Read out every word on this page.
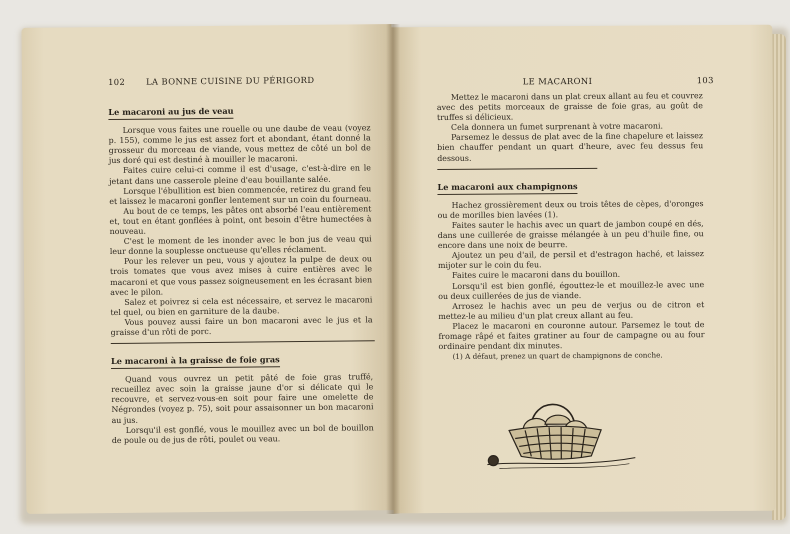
102 LA BONNE CUISINE DU PÉRIGORD
Le macaroni au jus de veau

Lorsque vous faites une rouelle ou une daube de veau (voyez p. 155), comme le jus est assez fort et abondant, étant donné la grosseur du morceau de viande, vous mettez de côté un bol de jus doré qui est destiné à mouiller le macaroni.

Faites cuire celui-ci comme il est d'usage, c'est-à-dire en le jetant dans une casserole pleine d'eau bouillante salée.

Lorsque l'ébullition est bien commencée, retirez du grand feu et laissez le macaroni gonfler lentement sur un coin du fourneau.

Au bout de ce temps, les pâtes ont absorbé l'eau entièrement et, tout en étant gonflées à point, ont besoin d'être humectées à nouveau.

C'est le moment de les inonder avec le bon jus de veau qui leur donne la souplesse onctueuse qu'elles réclament.

Pour les relever un peu, vous y ajoutez la pulpe de deux ou trois tomates que vous avez mises à cuire entières avec le macaroni et que vous passez soigneusement en les écrasant bien avec le pilon.

Salez et poivrez si cela est nécessaire, et servez le macaroni tel quel, ou bien en garniture de la daube.

Vous pouvez aussi faire un bon macaroni avec le jus et la graisse d'un rôti de porc.

Le macaroni à la graisse de foie gras

Quand vous ouvrez un petit pâté de foie gras truffé, recueillez avec soin la graisse jaune d'or si délicate qui le recouvre, et servez-vous-en soit pour faire une omelette de Négrondes (voyez p. 75), soit pour assaisonner un bon macaroni au jus.

Lorsqu'il est gonflé, vous le mouillez avec un bol de bouillon de poule ou de jus de rôti, poulet ou veau.

LE MACARONI	103

Mettez le macaroni dans un plat creux allant au feu et couvrez avec des petits morceaux de graisse de foie gras, au goût de truffes si délicieux.

Cela donnera un fumet surprenant à votre macaroni.

Parsemez le dessus de plat avec de la fine chapelure et laissez bien chauffer pendant un quart d'heure, avec feu dessus feu dessous.

Le macaroni aux champignons

Hachez grossièrement deux ou trois têtes de cèpes, d'oronges ou de morilles bien lavées (1).

Faites sauter le hachis avec un quart de jambon coupé en dés, dans une cuillerée de graisse mélangée à un peu d'huile fine, ou encore dans une noix de beurre.

Ajoutez un peu d'ail, de persil et d'estragon haché, et laissez mijoter sur le coin du feu.

Faites cuire le macaroni dans du bouillon.

Lorsqu'il est bien gonflé, égouttez-le et mouillez-le avec une ou deux cuillerées de jus de viande.

Arrosez le hachis avec un peu de verjus ou de citron et mettez-le au milieu d'un plat creux allant au feu.

Placez le macaroni en couronne autour. Parsemez le tout de fromage râpé et faites gratiner au four de campagne ou au four ordinaire pendant dix minutes.

(1) A défaut, prenez un quart de champignons de conche.
